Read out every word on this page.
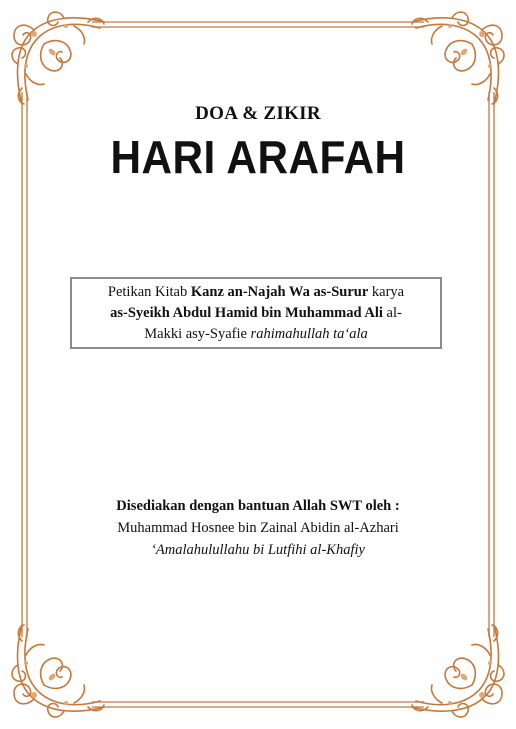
DOA & ZIKIR
HARI ARAFAH
Petikan Kitab Kanz an-Najah Wa as-Surur karya
as-Syeikh Abdul Hamid bin Muhammad Ali al-
Makki asy-Syafie rahimahullah ta‘ala
Disediakan dengan bantuan Allah SWT oleh :
Muhammad Hosnee bin Zainal Abidin al-Azhari
‘Amalahulullahu bi Lutfihi al-Khafiy
